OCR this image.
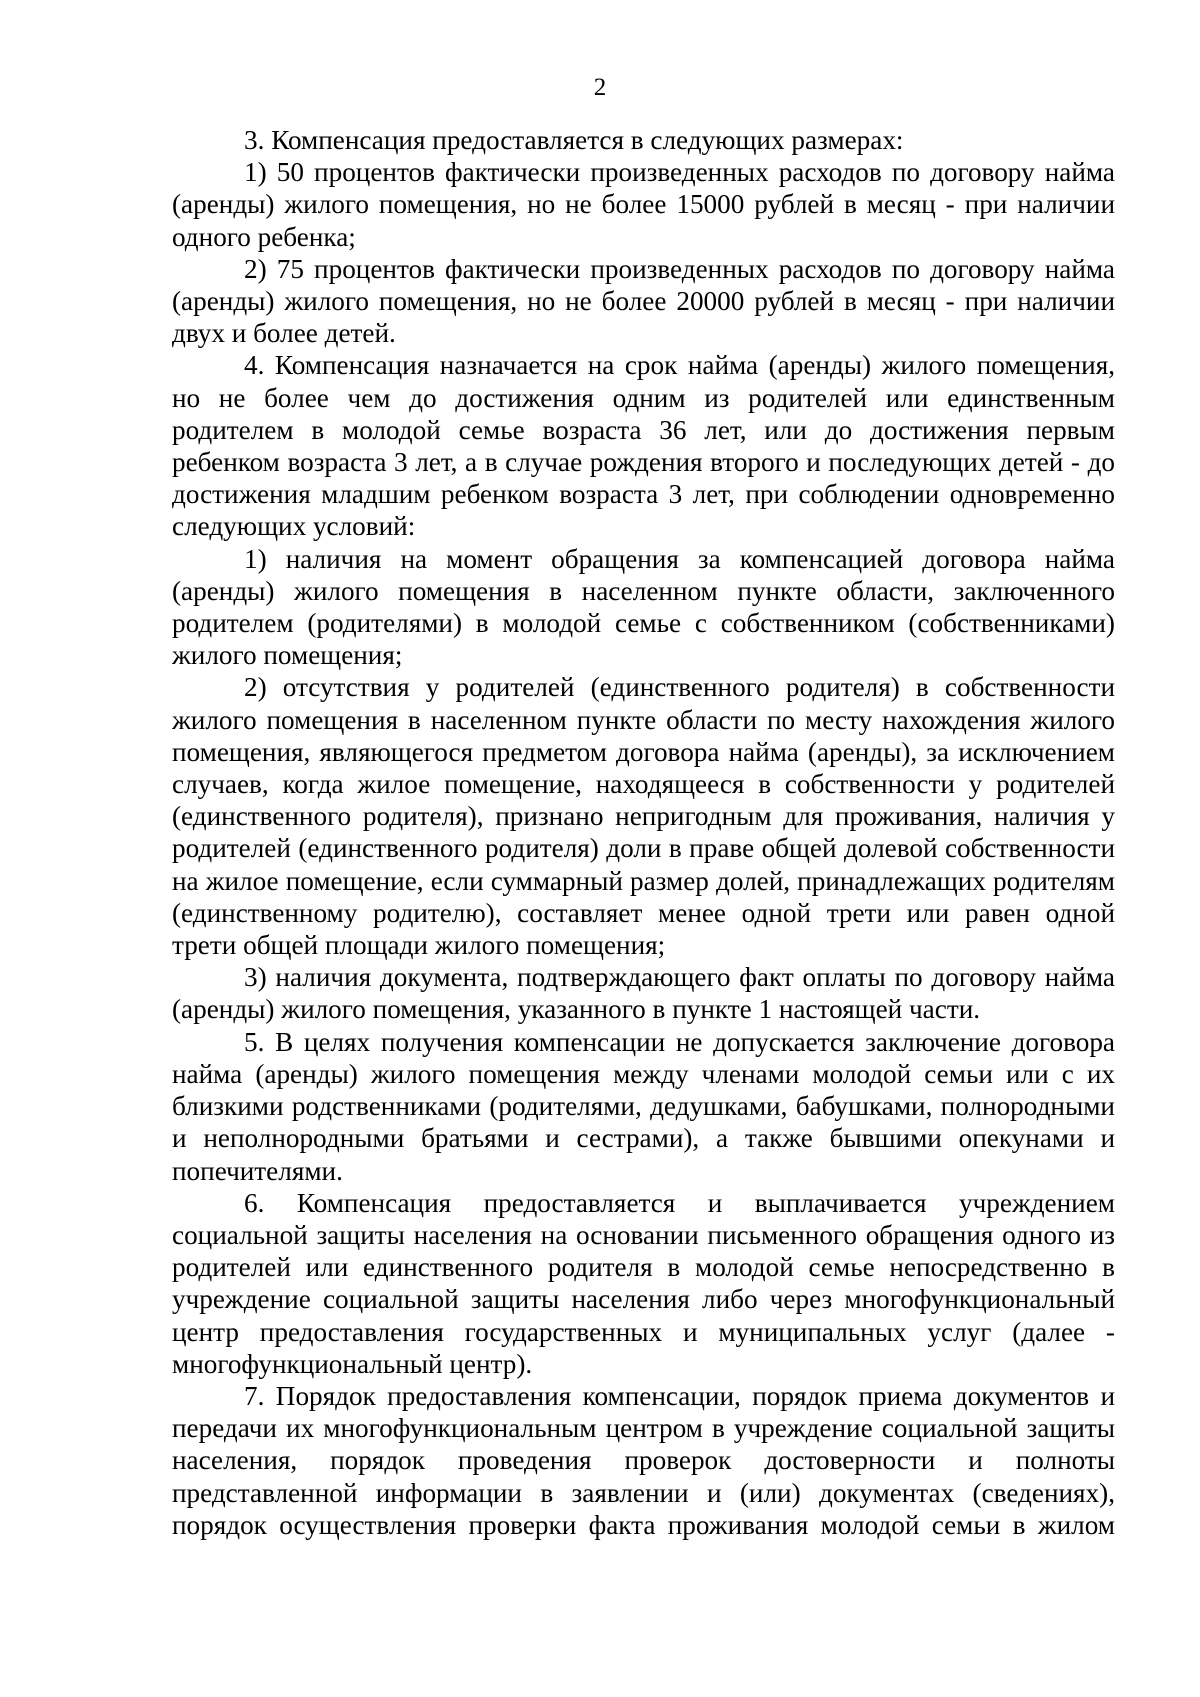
2

3. Компенсация предоставляется в следующих размерах:

1) 50 процентов фактически произведенных расходов по договору найма (аренды) жилого помещения, но не более 15000 рублей в месяц - при наличии одного ребенка;

2) 75 процентов фактически произведенных расходов по договору найма (аренды) жилого помещения, но не более 20000 рублей в месяц - при наличии двух и более детей.

4. Компенсация назначается на срок найма (аренды) жилого помещения, но не более чем до достижения одним из родителей или единственным родителем в молодой семье возраста 36 лет, или до достижения первым ребенком возраста 3 лет, а в случае рождения второго и последующих детей - до достижения младшим ребенком возраста 3 лет, при соблюдении одновременно следующих условий:

1) наличия на момент обращения за компенсацией договора найма (аренды) жилого помещения в населенном пункте области, заключенного родителем (родителями) в молодой семье с собственником (собственниками) жилого помещения;

2) отсутствия у родителей (единственного родителя) в собственности жилого помещения в населенном пункте области по месту нахождения жилого помещения, являющегося предметом договора найма (аренды), за исключением случаев, когда жилое помещение, находящееся в собственности у родителей (единственного родителя), признано непригодным для проживания, наличия у родителей (единственного родителя) доли в праве общей долевой собственности на жилое помещение, если суммарный размер долей, принадлежащих родителям (единственному родителю), составляет менее одной трети или равен одной трети общей площади жилого помещения;

3) наличия документа, подтверждающего факт оплаты по договору найма (аренды) жилого помещения, указанного в пункте 1 настоящей части.

5. В целях получения компенсации не допускается заключение договора найма (аренды) жилого помещения между членами молодой семьи или с их близкими родственниками (родителями, дедушками, бабушками, полнородными и неполнородными братьями и сестрами), а также бывшими опекунами и попечителями.

6. Компенсация предоставляется и выплачивается учреждением социальной защиты населения на основании письменного обращения одного из родителей или единственного родителя в молодой семье непосредственно в учреждение социальной защиты населения либо через многофункциональный центр предоставления государственных и муниципальных услуг (далее - многофункциональный центр).

7. Порядок предоставления компенсации, порядок приема документов и передачи их многофункциональным центром в учреждение социальной защиты населения, порядок проведения проверок достоверности и полноты представленной информации в заявлении и (или) документах (сведениях), порядок осуществления проверки факта проживания молодой семьи в жилом
